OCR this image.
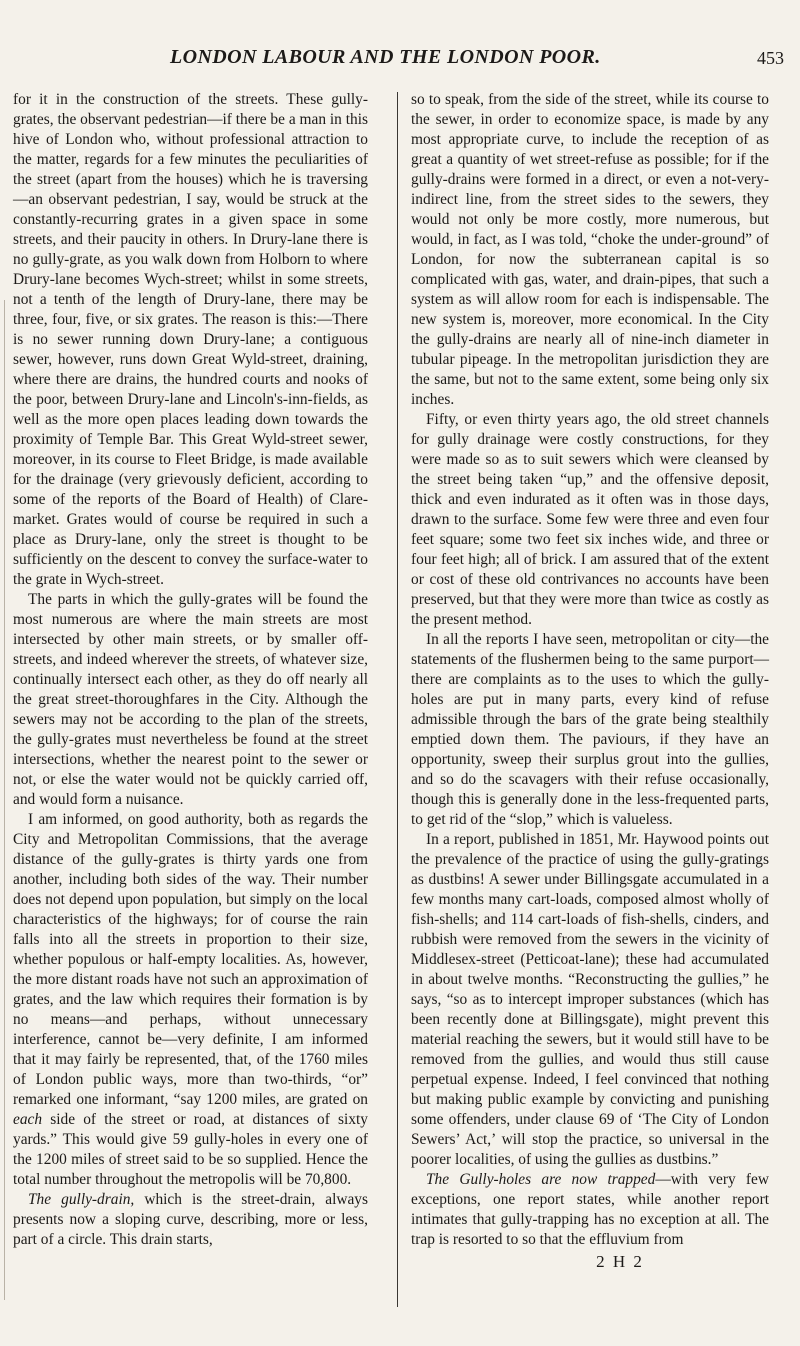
LONDON LABOUR AND THE LONDON POOR.	453

for it in the construction of the streets. These gully-grates, the observant pedestrian—if there be a man in this hive of London who, without professional attraction to the matter, regards for a few minutes the peculiarities of the street (apart from the houses) which he is traversing—an observant pedestrian, I say, would be struck at the constantly-recurring grates in a given space in some streets, and their paucity in others. In Drury-lane there is no gully-grate, as you walk down from Holborn to where Drury-lane becomes Wych-street; whilst in some streets, not a tenth of the length of Drury-lane, there may be three, four, five, or six grates. The reason is this:—There is no sewer running down Drury-lane; a contiguous sewer, however, runs down Great Wyld-street, draining, where there are drains, the hundred courts and nooks of the poor, between Drury-lane and Lincoln's-inn-fields, as well as the more open places leading down towards the proximity of Temple Bar. This Great Wyld-street sewer, moreover, in its course to Fleet Bridge, is made available for the drainage (very grievously deficient, according to some of the reports of the Board of Health) of Clare-market. Grates would of course be required in such a place as Drury-lane, only the street is thought to be sufficiently on the descent to convey the surface-water to the grate in Wych-street.

The parts in which the gully-grates will be found the most numerous are where the main streets are most intersected by other main streets, or by smaller off-streets, and indeed wherever the streets, of whatever size, continually intersect each other, as they do off nearly all the great street-thoroughfares in the City. Although the sewers may not be according to the plan of the streets, the gully-grates must nevertheless be found at the street intersections, whether the nearest point to the sewer or not, or else the water would not be quickly carried off, and would form a nuisance.

I am informed, on good authority, both as regards the City and Metropolitan Commissions, that the average distance of the gully-grates is thirty yards one from another, including both sides of the way. Their number does not depend upon population, but simply on the local characteristics of the highways; for of course the rain falls into all the streets in proportion to their size, whether populous or half-empty localities. As, however, the more distant roads have not such an approximation of grates, and the law which requires their formation is by no means—and perhaps, without unnecessary interference, cannot be—very definite, I am informed that it may fairly be represented, that, of the 1760 miles of London public ways, more than two-thirds, “or” remarked one informant, “say 1200 miles, are grated on each side of the street or road, at distances of sixty yards.” This would give 59 gully-holes in every one of the 1200 miles of street said to be so supplied. Hence the total number throughout the metropolis will be 70,800.

The gully-drain, which is the street-drain, always presents now a sloping curve, describing, more or less, part of a circle. This drain starts,

so to speak, from the side of the street, while its course to the sewer, in order to economize space, is made by any most appropriate curve, to include the reception of as great a quantity of wet street-refuse as possible; for if the gully-drains were formed in a direct, or even a not-very-indirect line, from the street sides to the sewers, they would not only be more costly, more numerous, but would, in fact, as I was told, “choke the under-ground” of London, for now the subterranean capital is so complicated with gas, water, and drain-pipes, that such a system as will allow room for each is indispensable. The new system is, moreover, more economical. In the City the gully-drains are nearly all of nine-inch diameter in tubular pipeage. In the metropolitan jurisdiction they are the same, but not to the same extent, some being only six inches.

Fifty, or even thirty years ago, the old street channels for gully drainage were costly constructions, for they were made so as to suit sewers which were cleansed by the street being taken “up,” and the offensive deposit, thick and even indurated as it often was in those days, drawn to the surface. Some few were three and even four feet square; some two feet six inches wide, and three or four feet high; all of brick. I am assured that of the extent or cost of these old contrivances no accounts have been preserved, but that they were more than twice as costly as the present method.

In all the reports I have seen, metropolitan or city—the statements of the flushermen being to the same purport—there are complaints as to the uses to which the gully-holes are put in many parts, every kind of refuse admissible through the bars of the grate being stealthily emptied down them. The paviours, if they have an opportunity, sweep their surplus grout into the gullies, and so do the scavagers with their refuse occasionally, though this is generally done in the less-frequented parts, to get rid of the “slop,” which is valueless.

In a report, published in 1851, Mr. Haywood points out the prevalence of the practice of using the gully-gratings as dustbins! A sewer under Billingsgate accumulated in a few months many cart-loads, composed almost wholly of fish-shells; and 114 cart-loads of fish-shells, cinders, and rubbish were removed from the sewers in the vicinity of Middlesex-street (Petticoat-lane); these had accumulated in about twelve months. “Reconstructing the gullies,” he says, “so as to intercept improper substances (which has been recently done at Billingsgate), might prevent this material reaching the sewers, but it would still have to be removed from the gullies, and would thus still cause perpetual expense. Indeed, I feel convinced that nothing but making public example by convicting and punishing some offenders, under clause 69 of ‘The City of London Sewers’ Act,’ will stop the practice, so universal in the poorer localities, of using the gullies as dustbins.”

The Gully-holes are now trapped—with very few exceptions, one report states, while another report intimates that gully-trapping has no exception at all. The trap is resorted to so that the effluvium from

2 H 2
